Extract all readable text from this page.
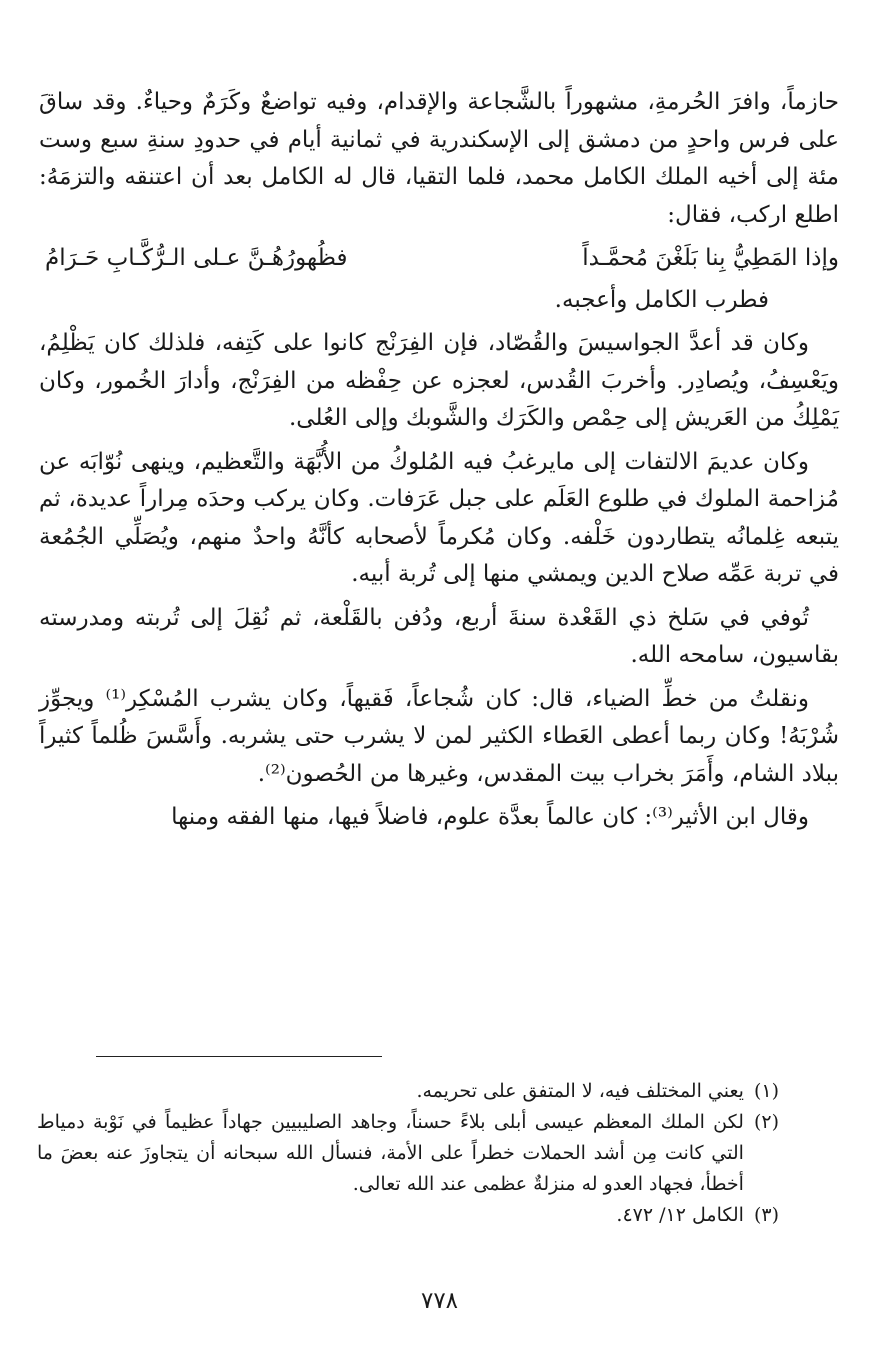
حازماً، وافرَ الحُرمةِ، مشهوراً بالشَّجاعة والإقدام، وفيه تواضعٌ وكَرَمٌ وحياءٌ. وقد ساقَ على فرس واحدٍ من دمشق إلى الإسكندرية في ثمانية أيام في حدودِ سنةِ سبع وست مئة إلى أخيه الملك الكامل محمد، فلما التقيا، قال له الكامل بعد أن اعتنقه والتزمَهُ: اطلع اركب، فقال:

وإذا المَطِيُّ بِنا بَلَغْنَ مُحمَّـداً
فظُهورُهُـنَّ عـلى الـرُّكَّـابِ حَـرَامُ

فطرب الكامل وأعجبه.

وكان قد أعدَّ الجواسيسَ والقُصّاد، فإن الفِرَنْج كانوا على كَتِفه، فلذلك كان يَظْلِمُ، ويَعْسِفُ، ويُصادِر. وأخربَ القُدس، لعجزه عن حِفْظه من الفِرَنْج، وأدارَ الخُمور، وكان يَمْلِكُ من العَريش إلى حِمْص والكَرَك والشَّوبك وإلى العُلى.

وكان عديمَ الالتفات إلى مايرغبُ فيه المُلوكُ من الأُبَّهَة والتَّعظيم، وينهى نُوّابَه عن مُزاحمة الملوك في طلوع العَلَم على جبل عَرَفات. وكان يركب وحدَه مِراراً عديدة، ثم يتبعه غِلمانُه يتطاردون خَلْفه. وكان مُكرماً لأصحابه كأنَّهُ واحدٌ منهم، ويُصَلِّي الجُمُعة في تربة عَمِّه صلاح الدين ويمشي منها إلى تُربة أبيه.

تُوفي في سَلخ ذي القَعْدة سنةَ أربع، ودُفن بالقَلْعة، ثم نُقِلَ إلى تُربته ومدرسته بقاسيون، سامحه الله.

ونقلتُ من خطِّ الضياء، قال: كان شُجاعاً، فَقيهاً، وكان يشرب المُسْكِر⁽¹⁾ ويجوِّز شُرْبَهُ! وكان ربما أعطى العَطاء الكثير لمن لا يشرب حتى يشربه. وأَسَّسَ ظُلماً كثيراً ببلاد الشام، وأَمَرَ بخراب بيت المقدس، وغيرها من الحُصون⁽²⁾.

وقال ابن الأثير⁽³⁾: كان عالماً بعدَّة علوم، فاضلاً فيها، منها الفقه ومنها

(١)
يعني المختلف فيه، لا المتفق على تحريمه.
(٢)
لكن الملك المعظم عيسى أبلى بلاءً حسناً، وجاهد الصليبيين جهاداً عظيماً في نَوْبة دمياط التي كانت مِن أشد الحملات خطراً على الأمة، فنسأل الله سبحانه أن يتجاوزَ عنه بعضَ ما أخطأ، فجهاد العدو له منزلةٌ عظمى عند الله تعالى.
(٣)
الكامل ١٢/ ٤٧٢.
٧٧٨
